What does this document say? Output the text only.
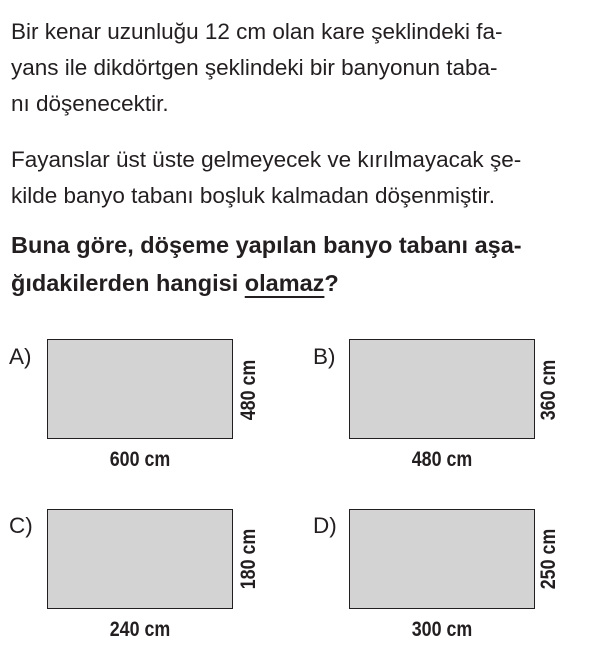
Bir kenar uzunluğu 12 cm olan kare şeklindeki fa-
yans ile dikdörtgen şeklindeki bir banyonun taba-
nı döşenecektir.
Fayanslar üst üste gelmeyecek ve kırılmayacak şe-
kilde banyo tabanı boşluk kalmadan döşenmiştir.
Buna göre, döşeme yapılan banyo tabanı aşa-
ğıdakilerden hangisi olamaz?
A)
600 cm
480 cm
B)
480 cm
360 cm
C)
240 cm
180 cm
D)
300 cm
250 cm
